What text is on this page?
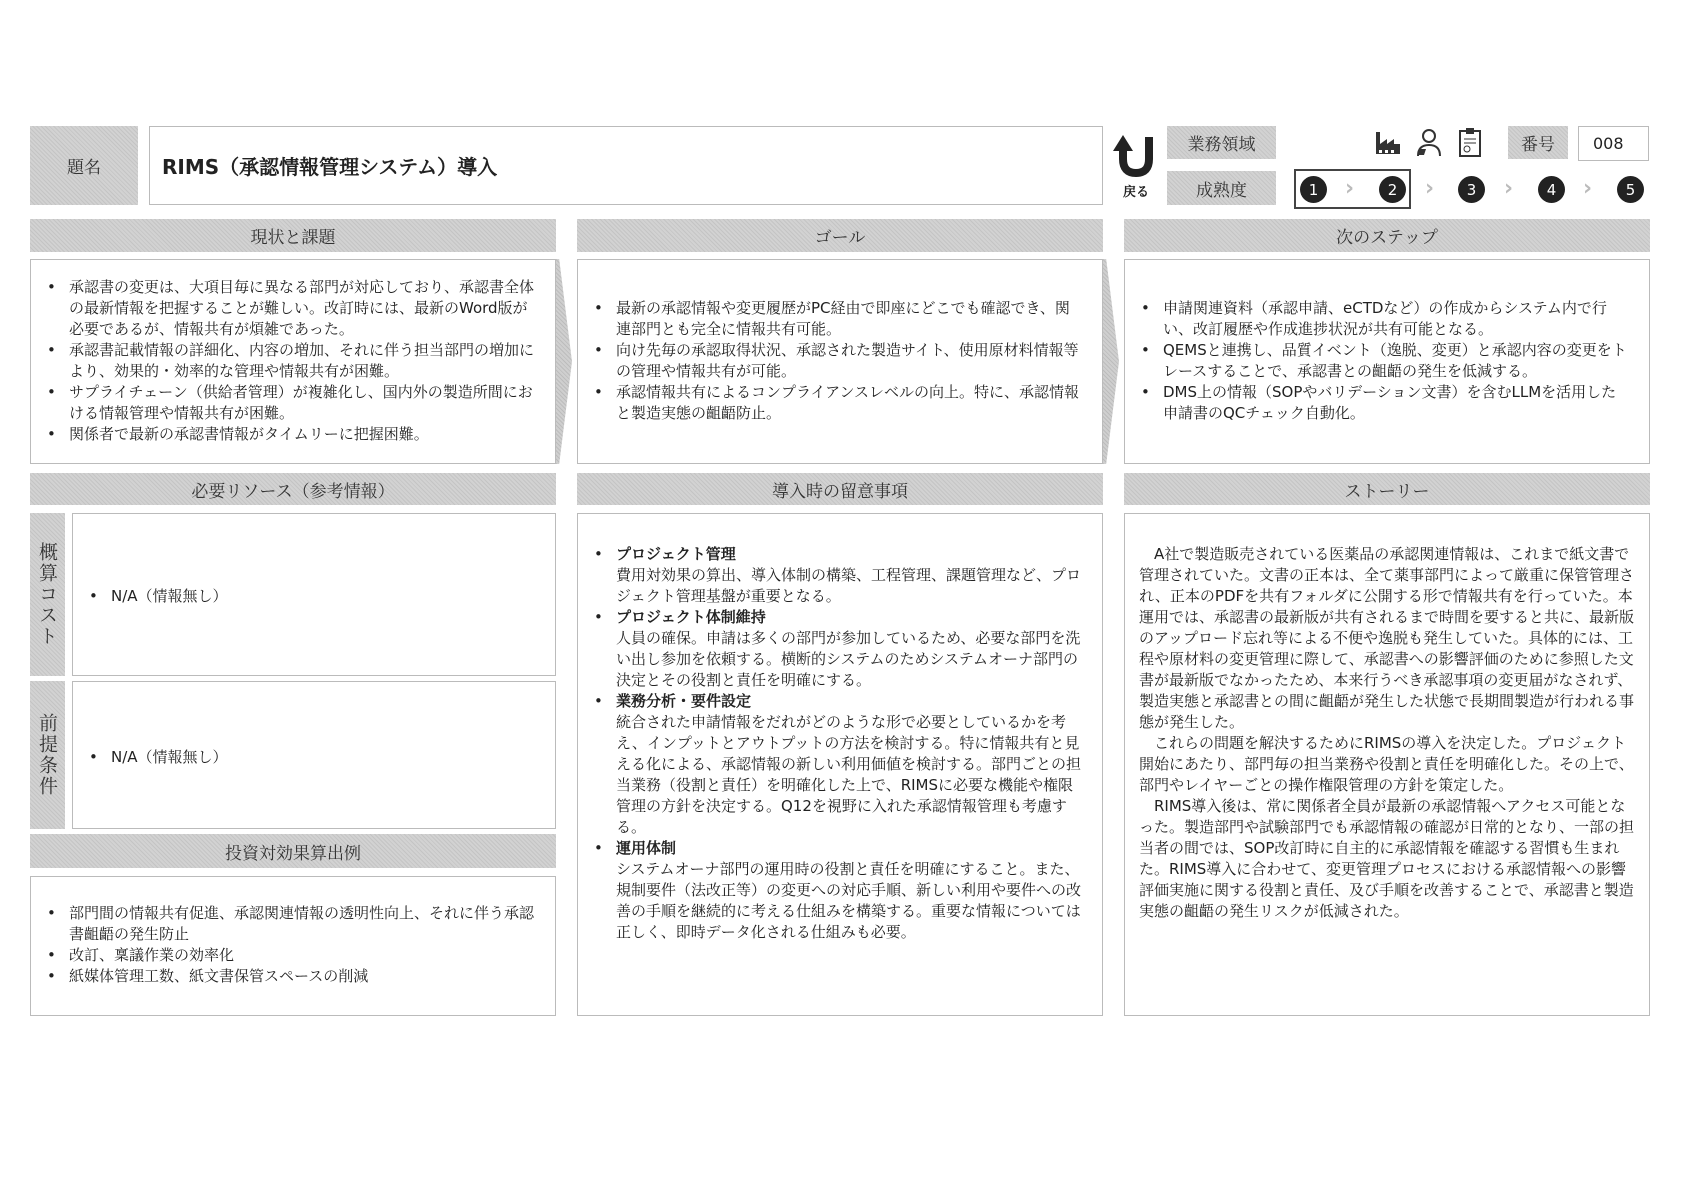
題名	RIMS（承認情報管理システム）導入
戻る
業務領域	番号	008
成熟度	1	›	2	›	3	›	4	›	5
現状と課題	ゴール	次のステップ
• 承認書の変更は、大項目毎に異なる部門が対応しており、承認書全体の最新情報を把握することが難しい。改訂時には、最新のWord版が必要であるが、情報共有が煩雑であった。
• 承認書記載情報の詳細化、内容の増加、それに伴う担当部門の増加により、効果的・効率的な管理や情報共有が困難。
• サプライチェーン（供給者管理）が複雑化し、国内外の製造所間における情報管理や情報共有が困難。
• 関係者で最新の承認書情報がタイムリーに把握困難。
• 最新の承認情報や変更履歴がPC経由で即座にどこでも確認でき、関連部門とも完全に情報共有可能。
• 向け先毎の承認取得状況、承認された製造サイト、使用原材料情報等の管理や情報共有が可能。
• 承認情報共有によるコンプライアンスレベルの向上。特に、承認情報と製造実態の齟齬防止。
• 申請関連資料（承認申請、eCTDなど）の作成からシステム内で行い、改訂履歴や作成進捗状況が共有可能となる。
• QEMSと連携し、品質イベント（逸脱、変更）と承認内容の変更をトレースすることで、承認書との齟齬の発生を低減する。
• DMS上の情報（SOPやバリデーション文書）を含むLLMを活用した申請書のQCチェック自動化。
必要リソース（参考情報）	導入時の留意事項	ストーリー
概算コスト	• N/A（情報無し）
前提条件	• N/A（情報無し）
投資対効果算出例
• 部門間の情報共有促進、承認関連情報の透明性向上、それに伴う承認書齟齬の発生防止
• 改訂、稟議作業の効率化
• 紙媒体管理工数、紙文書保管スペースの削減
• プロジェクト管理
費用対効果の算出、導入体制の構築、工程管理、課題管理など、プロジェクト管理基盤が重要となる。
• プロジェクト体制維持
人員の確保。申請は多くの部門が参加しているため、必要な部門を洗い出し参加を依頼する。横断的システムのためシステムオーナ部門の決定とその役割と責任を明確にする。
• 業務分析・要件設定
統合された申請情報をだれがどのような形で必要としているかを考え、インプットとアウトプットの方法を検討する。特に情報共有と見える化による、承認情報の新しい利用価値を検討する。部門ごとの担当業務（役割と責任）を明確化した上で、RIMSに必要な機能や権限管理の方針を決定する。Q12を視野に入れた承認情報管理も考慮する。
• 運用体制
システムオーナ部門の運用時の役割と責任を明確にすること。また、規制要件（法改正等）の変更への対応手順、新しい利用や要件への改善の手順を継続的に考える仕組みを構築する。重要な情報については正しく、即時データ化される仕組みも必要。

A社で製造販売されている医薬品の承認関連情報は、これまで紙文書で管理されていた。文書の正本は、全て薬事部門によって厳重に保管管理され、正本のPDFを共有フォルダに公開する形で情報共有を行っていた。本運用では、承認書の最新版が共有されるまで時間を要すると共に、最新版のアップロード忘れ等による不便や逸脱も発生していた。具体的には、工程や原材料の変更管理に際して、承認書への影響評価のために参照した文書が最新版でなかったため、本来行うべき承認事項の変更届がなされず、製造実態と承認書との間に齟齬が発生した状態で長期間製造が行われる事態が発生した。

これらの問題を解決するためにRIMSの導入を決定した。プロジェクト開始にあたり、部門毎の担当業務や役割と責任を明確化した。その上で、部門やレイヤーごとの操作権限管理の方針を策定した。

RIMS導入後は、常に関係者全員が最新の承認情報へアクセス可能となった。製造部門や試験部門でも承認情報の確認が日常的となり、一部の担当者の間では、SOP改訂時に自主的に承認情報を確認する習慣も生まれた。RIMS導入に合わせて、変更管理プロセスにおける承認情報への影響評価実施に関する役割と責任、及び手順を改善することで、承認書と製造実態の齟齬の発生リスクが低減された。
